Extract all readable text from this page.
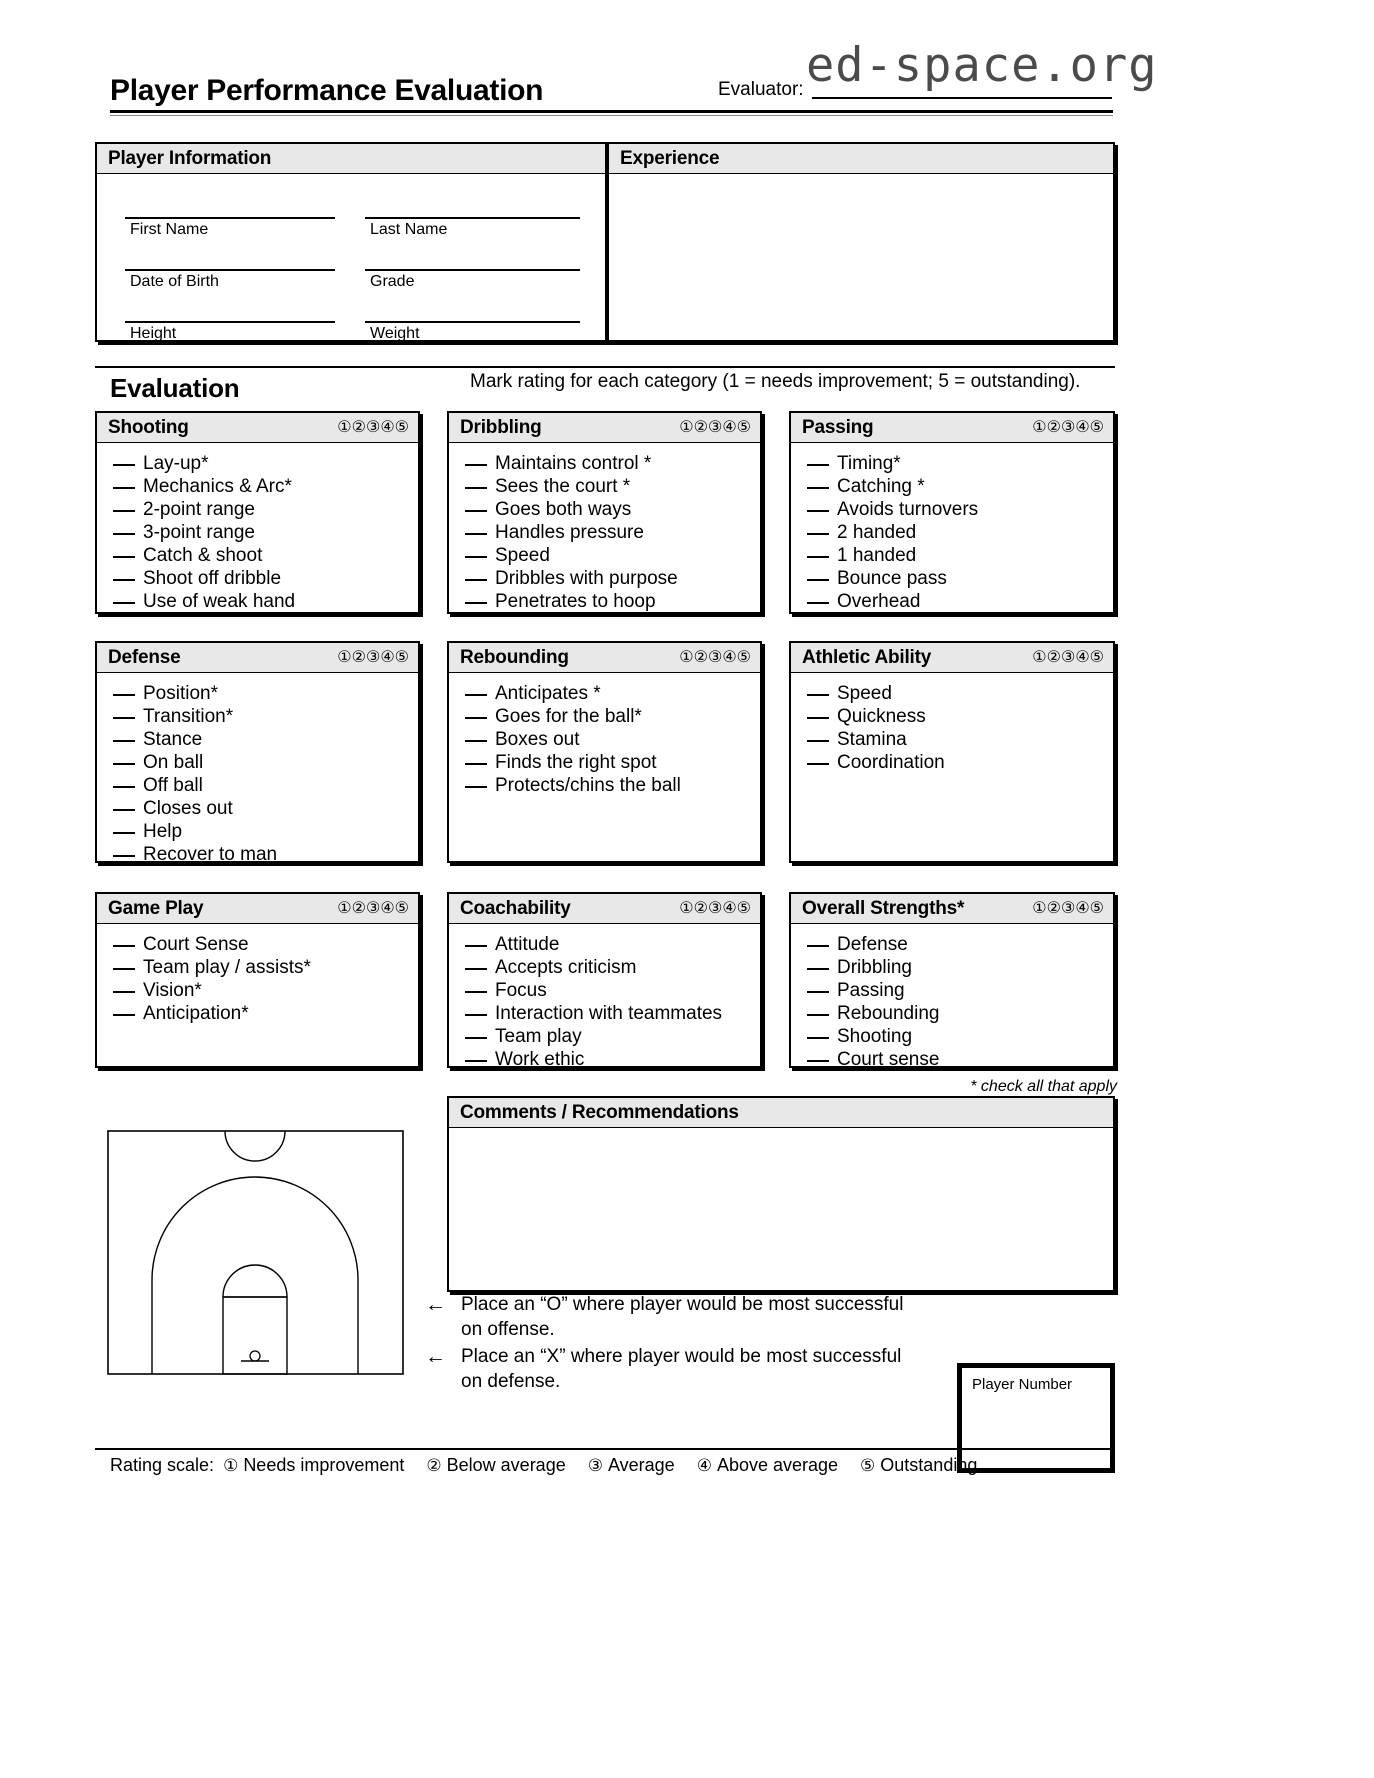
ed-space.org
Player Performance Evaluation	Evaluator:
Player Information
First Name	Last Name
Date of Birth	Grade
Height	Weight
Experience
Evaluation	Mark rating for each category (1 = needs improvement; 5 = outstanding).
Shooting	①②③④⑤
Lay-up*
Mechanics & Arc*
2-point range
3-point range
Catch & shoot
Shoot off dribble
Use of weak hand
Dribbling	①②③④⑤
Maintains control *
Sees the court *
Goes both ways
Handles pressure
Speed
Dribbles with purpose
Penetrates to hoop
Passing	①②③④⑤
Timing*
Catching *
Avoids turnovers
2 handed
1 handed
Bounce pass
Overhead
Defense	①②③④⑤
Position*
Transition*
Stance
On ball
Off ball
Closes out
Help
Recover to man
Rebounding	①②③④⑤
Anticipates *
Goes for the ball*
Boxes out
Finds the right spot
Protects/chins the ball
Athletic Ability	①②③④⑤
Speed
Quickness
Stamina
Coordination
Game Play	①②③④⑤
Court Sense
Team play / assists*
Vision*
Anticipation*
Coachability	①②③④⑤
Attitude
Accepts criticism
Focus
Interaction with teammates
Team play
Work ethic
Overall Strengths*	①②③④⑤
Defense
Dribbling
Passing
Rebounding
Shooting
Court sense
* check all that apply
Comments / Recommendations
← Place an “O” where player would be most successful
on offense.
← Place an “X” where player would be most successful
on defense.	Player Number
Rating scale: ① Needs improvement ② Below average ③ Average ④ Above average ⑤ Outstanding
